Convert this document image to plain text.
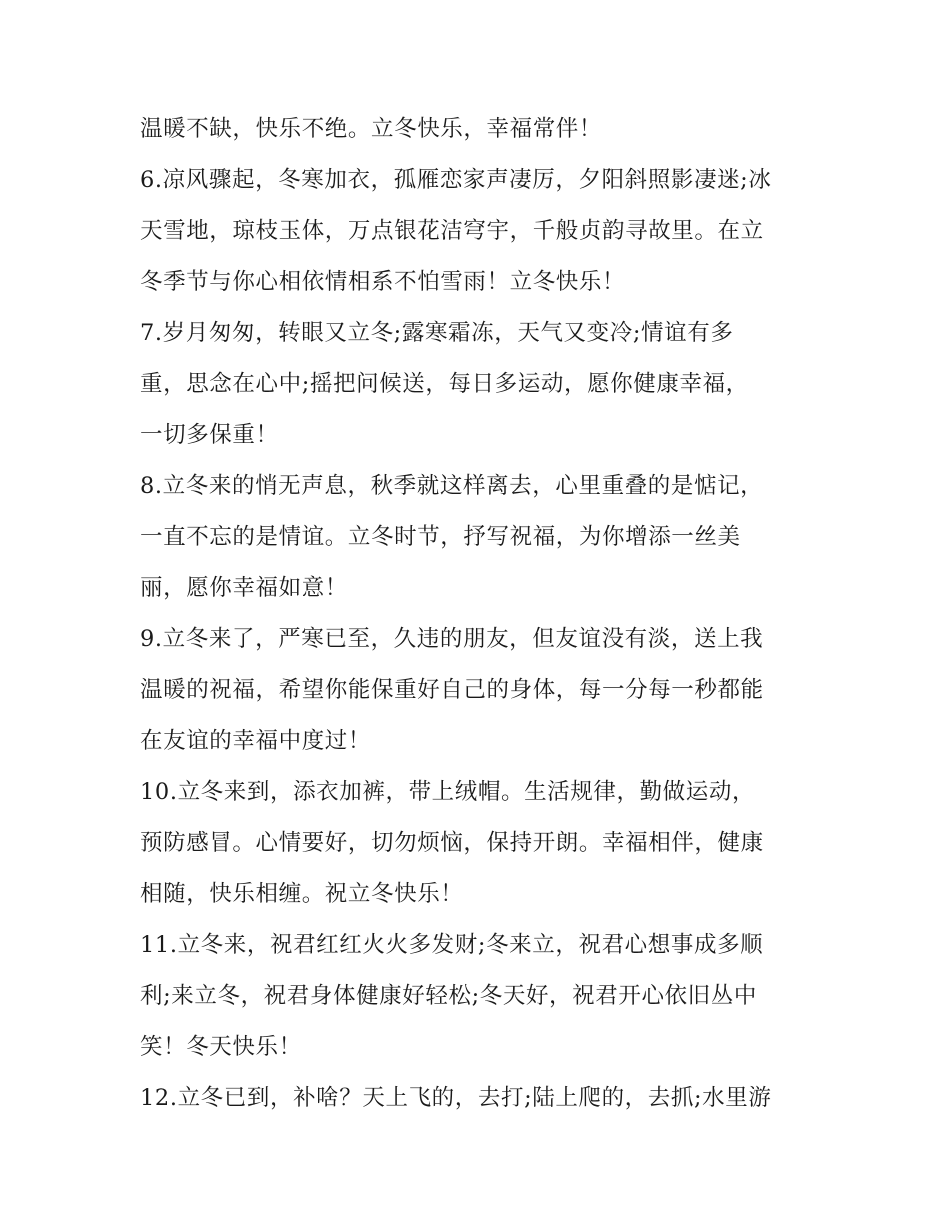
温暖不缺，快乐不绝。立冬快乐，幸福常伴！
6.凉风骤起，冬寒加衣，孤雁恋家声凄厉，夕阳斜照影凄迷;冰
天雪地，琼枝玉体，万点银花洁穹宇，千般贞韵寻故里。在立
冬季节与你心相依情相系不怕雪雨！立冬快乐！
7.岁月匆匆，转眼又立冬;露寒霜冻，天气又变冷;情谊有多
重，思念在心中;摇把问候送，每日多运动，愿你健康幸福，
一切多保重！
8.立冬来的悄无声息，秋季就这样离去，心里重叠的是惦记，
一直不忘的是情谊。立冬时节，抒写祝福，为你增添一丝美
丽，愿你幸福如意！
9.立冬来了，严寒已至，久违的朋友，但友谊没有淡，送上我
温暖的祝福，希望你能保重好自己的身体，每一分每一秒都能
在友谊的幸福中度过！
10.立冬来到，添衣加裤，带上绒帽。生活规律，勤做运动，
预防感冒。心情要好，切勿烦恼，保持开朗。幸福相伴，健康
相随，快乐相缠。祝立冬快乐！
11.立冬来，祝君红红火火多发财;冬来立，祝君心想事成多顺
利;来立冬，祝君身体健康好轻松;冬天好，祝君开心依旧丛中
笑！冬天快乐！
12.立冬已到，补啥？天上飞的，去打;陆上爬的，去抓;水里游
